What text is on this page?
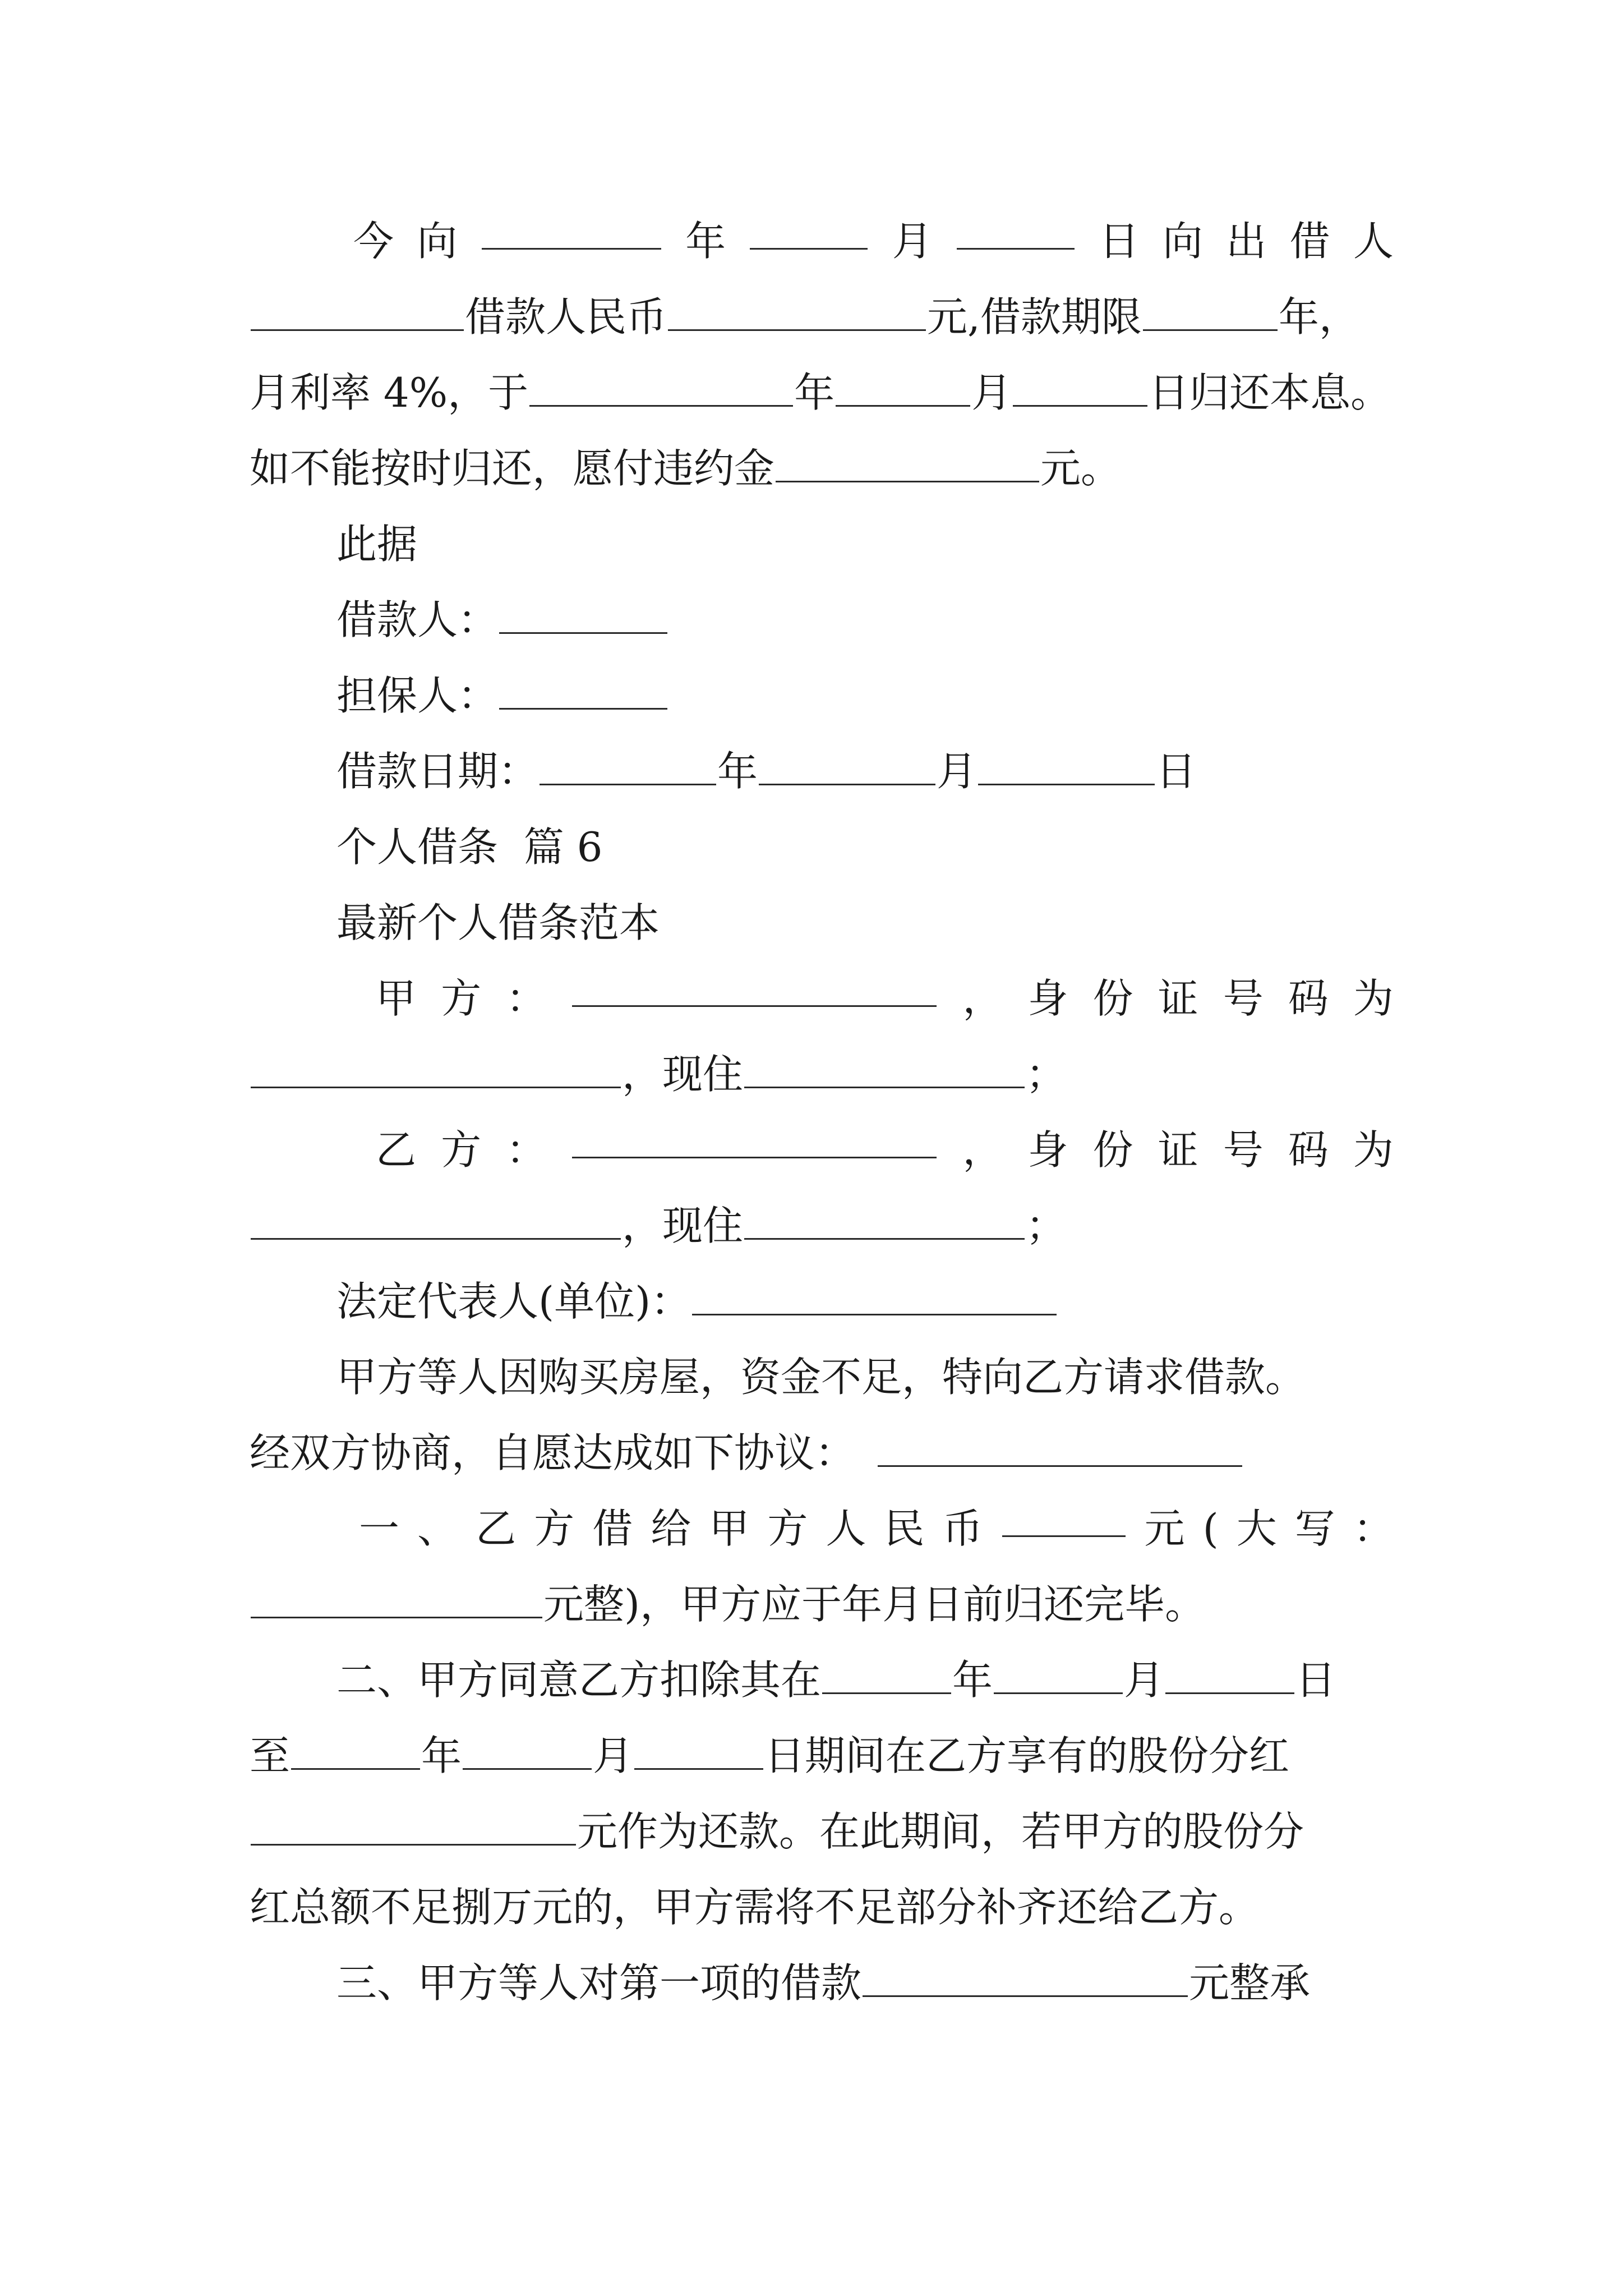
今 向	年	月	日 向 出 借 人
借款人民币	元,借款期限	年，
月利率 4%，于	年	月	日归还本息。
如不能按时归还，愿付违约金	元。
此据
借款人：
担保人：
借款日期：	年	月	日
个人借条  篇 6
最新个人借条范本
甲 方 ：	， 身 份 证 号 码 为
，现住	；
乙 方 ：	， 身 份 证 号 码 为
，现住	；
法定代表人(单位)：
甲方等人因购买房屋，资金不足，特向乙方请求借款。
经双方协商，自愿达成如下协议：
一 、 乙 方 借 给 甲 方 人 民 币	元 ( 大 写 ：
元整)，甲方应于年月日前归还完毕。
二、甲方同意乙方扣除其在	年	月	日
至	年	月	日期间在乙方享有的股份分红
元作为还款。在此期间，若甲方的股份分
红总额不足捌万元的，甲方需将不足部分补齐还给乙方。
三、甲方等人对第一项的借款	元整承
